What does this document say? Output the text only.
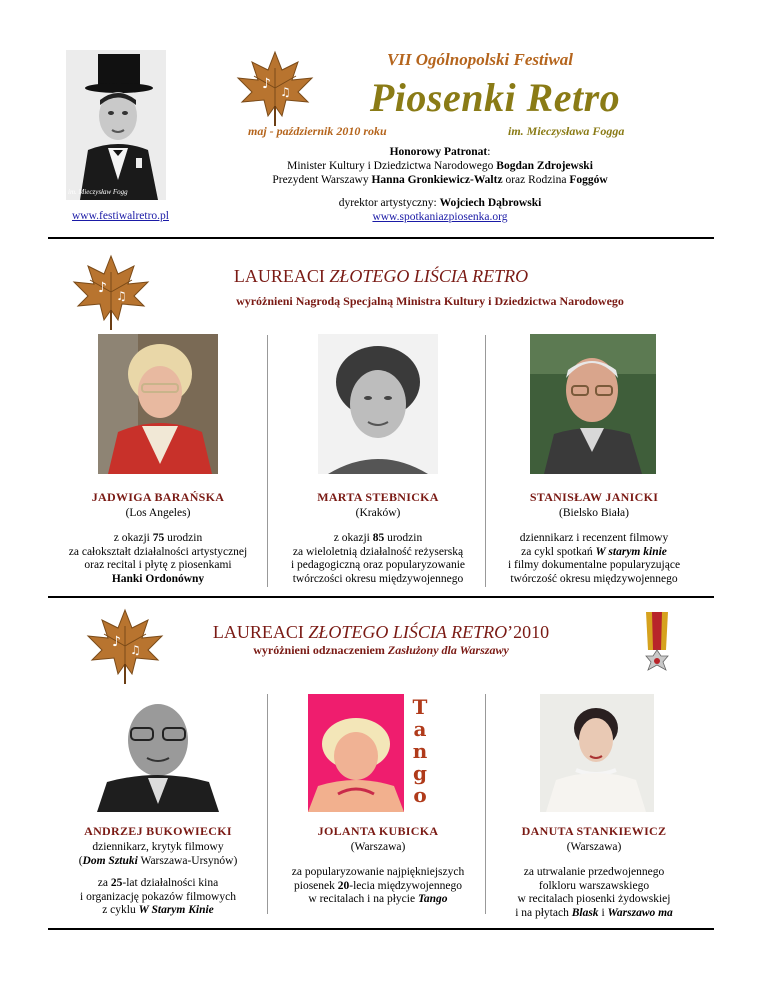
im. Mieczysław Fogg
♪ ♫
VII Ogólnopolski Festiwal
Piosenki Retro
maj - październik 2010 roku	im. Mieczysława Fogga
Honorowy Patronat:
Minister Kultury i Dziedzictwa Narodowego Bogdan Zdrojewski
Prezydent Warszawy Hanna Gronkiewicz-Waltz oraz Rodzina Foggów
dyrektor artystyczny: Wojciech Dąbrowski
www.spotkaniazpiosenka.org
www.festiwalretro.pl
♪ ♫
LAUREACI ZŁOTEGO LIŚCIA RETRO
wyróżnieni Nagrodą Specjalną Ministra Kultury i Dziedzictwa Narodowego
JADWIGA BARAŃSKA
(Los Angeles)
z okazji 75 urodzin
za całokształt działalności artystycznej
oraz recital i płytę z piosenkami
Hanki Ordonówny
MARTA STEBNICKA
(Kraków)
z okazji 85 urodzin
za wieloletnią działalność reżyserską
i pedagogiczną oraz popularyzowanie
twórczości okresu międzywojennego
STANISŁAW JANICKI
(Bielsko Biała)
dziennikarz i recenzent filmowy
za cykl spotkań W starym kinie
i filmy dokumentalne popularyzujące
twórczość okresu międzywojennego
♪ ♫
LAUREACI ZŁOTEGO LIŚCIA RETRO’2010
wyróżnieni odznaczeniem Zasłużony dla Warszawy
T
a
n
g
o
ANDRZEJ BUKOWIECKI
dziennikarz, krytyk filmowy
(Dom Sztuki Warszawa-Ursynów)
za 25-lat działalności kina
i organizację pokazów filmowych
z cyklu W Starym Kinie
JOLANTA KUBICKA
(Warszawa)
za popularyzowanie najpiękniejszych
piosenek 20-lecia międzywojennego
w recitalach i na płycie Tango
DANUTA STANKIEWICZ
(Warszawa)
za utrwalanie przedwojennego
folkloru warszawskiego
w recitalach piosenki żydowskiej
i na płytach Blask i Warszawo ma
